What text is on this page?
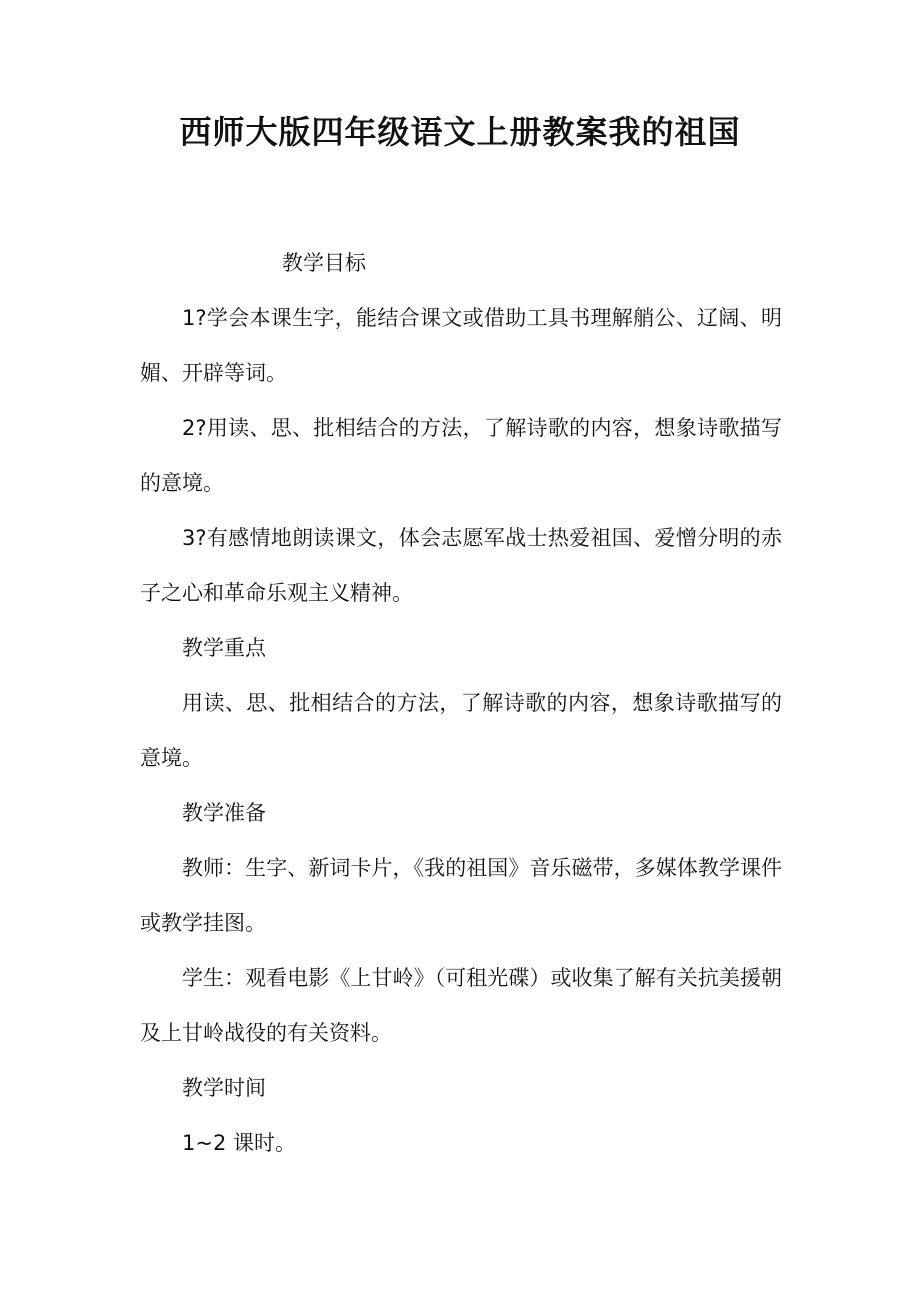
西师大版四年级语文上册教案我的祖国

教学目标

1?学会本课生字，能结合课文或借助工具书理解艄公、辽阔、明媚、开辟等词。

2?用读、思、批相结合的方法，了解诗歌的内容，想象诗歌描写的意境。

3?有感情地朗读课文，体会志愿军战士热爱祖国、爱憎分明的赤子之心和革命乐观主义精神。

教学重点

用读、思、批相结合的方法，了解诗歌的内容，想象诗歌描写的意境。

教学准备

教师：生字、新词卡片，《我的祖国》音乐磁带，多媒体教学课件或教学挂图。

学生：观看电影《上甘岭》（可租光碟）或收集了解有关抗美援朝及上甘岭战役的有关资料。

教学时间

1~2 课时。
